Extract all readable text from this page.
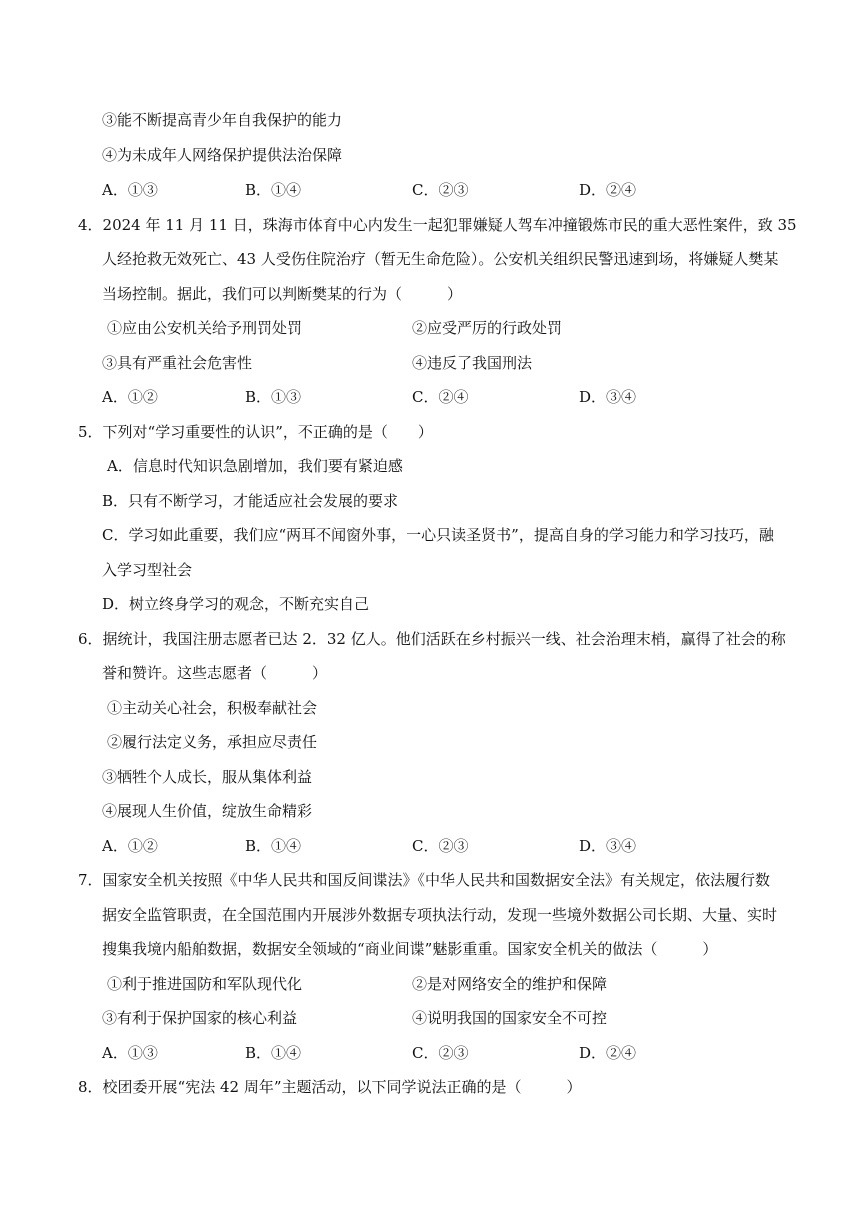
③能不断提高青少年自我保护的能力
④为未成年人网络保护提供法治保障
A．①③	B．①④	C．②③	D．②④
4．2024 年 11 月 11 日，珠海市体育中心内发生一起犯罪嫌疑人驾车冲撞锻炼市民的重大恶性案件，致 35
人经抢救无效死亡、43 人受伤住院治疗（暂无生命危险）。公安机关组织民警迅速到场，将嫌疑人樊某
当场控制。据此，我们可以判断樊某的行为（　　　）
①应由公安机关给予刑罚处罚	②应受严厉的行政处罚
③具有严重社会危害性	④违反了我国刑法
A．①②	B．①③	C．②④	D．③④
5．下列对“学习重要性的认识”，不正确的是（　　）
A．信息时代知识急剧增加，我们要有紧迫感
B．只有不断学习，才能适应社会发展的要求
C．学习如此重要，我们应“两耳不闻窗外事，一心只读圣贤书”，提高自身的学习能力和学习技巧，融
入学习型社会
D．树立终身学习的观念，不断充实自己
6．据统计，我国注册志愿者已达 2．32 亿人。他们活跃在乡村振兴一线、社会治理末梢，赢得了社会的称
誉和赞许。这些志愿者（　　　）
①主动关心社会，积极奉献社会
②履行法定义务，承担应尽责任
③牺牲个人成长，服从集体利益
④展现人生价值，绽放生命精彩
A．①②	B．①④	C．②③	D．③④
7．国家安全机关按照《中华人民共和国反间谍法》《中华人民共和国数据安全法》有关规定，依法履行数
据安全监管职责，在全国范围内开展涉外数据专项执法行动，发现一些境外数据公司长期、大量、实时
搜集我境内船舶数据，数据安全领域的“商业间谍”魅影重重。国家安全机关的做法（　　　）
①利于推进国防和军队现代化	②是对网络安全的维护和保障
③有利于保护国家的核心利益	④说明我国的国家安全不可控
A．①③	B．①④	C．②③	D．②④
8．校团委开展“宪法 42 周年”主题活动，以下同学说法正确的是（　　　）
